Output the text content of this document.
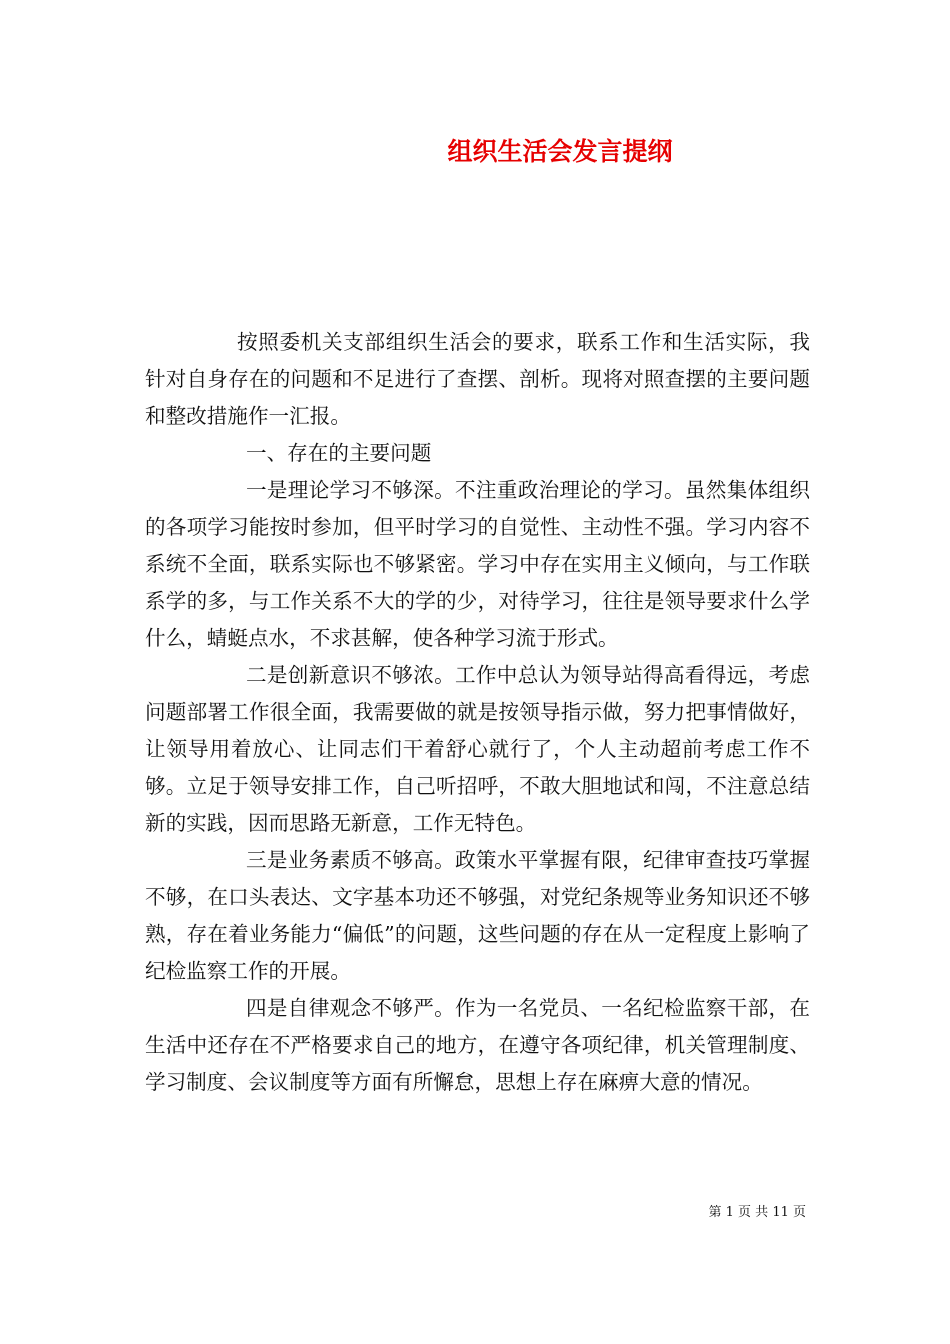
组织生活会发言提纲

按照委机关支部组织生活会的要求，联系工作和生活实际，我针对自身存在的问题和不足进行了查摆、剖析。现将对照查摆的主要问题和整改措施作一汇报。

一、存在的主要问题

一是理论学习不够深。不注重政治理论的学习。虽然集体组织的各项学习能按时参加，但平时学习的自觉性、主动性不强。学习内容不系统不全面，联系实际也不够紧密。学习中存在实用主义倾向，与工作联系学的多，与工作关系不大的学的少，对待学习，往往是领导要求什么学什么，蜻蜓点水，不求甚解，使各种学习流于形式。

二是创新意识不够浓。工作中总认为领导站得高看得远，考虑问题部署工作很全面，我需要做的就是按领导指示做，努力把事情做好，让领导用着放心、让同志们干着舒心就行了，个人主动超前考虑工作不够。立足于领导安排工作，自己听招呼，不敢大胆地试和闯，不注意总结新的实践，因而思路无新意，工作无特色。

三是业务素质不够高。政策水平掌握有限，纪律审查技巧掌握不够，在口头表达、文字基本功还不够强，对党纪条规等业务知识还不够熟，存在着业务能力“偏低”的问题，这些问题的存在从一定程度上影响了纪检监察工作的开展。

四是自律观念不够严。作为一名党员、一名纪检监察干部，在生活中还存在不严格要求自己的地方，在遵守各项纪律，机关管理制度、学习制度、会议制度等方面有所懈怠，思想上存在麻痹大意的情况。

第 1 页 共 11 页
